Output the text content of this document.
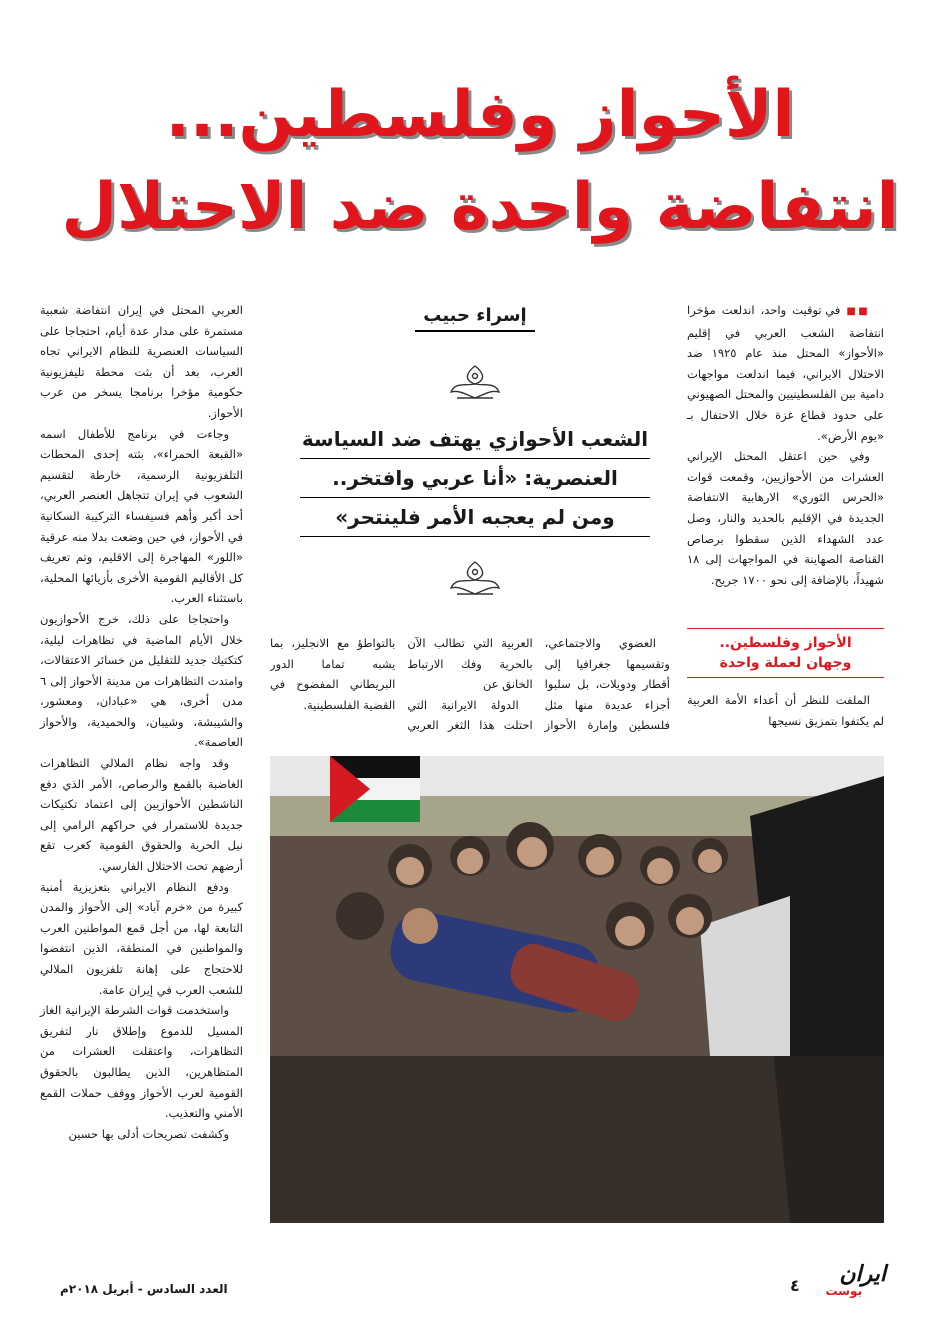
الأحواز وفلسطين...
انتفاضة واحدة ضد الاحتلال

■■ في توقيت واحد، اندلعت مؤخرا انتفاضة الشعب العربي في إقليم «الأحواز» المحتل منذ عام ١٩٢٥ ضد الاحتلال الايراني، فيما اندلعت مواجهات دامية بين الفلسطينيين والمحتل الصهيوني على حدود قطاع غزة خلال الاحتفال بـ «يوم الأرض».

وفي حين اعتقل المحتل الإيراني العشرات من الأحوازيين، وقمعت قوات «الحرس الثوري» الارهابية الانتفاضة الجديدة في الإقليم بالحديد والنار، وصل عدد الشهداء الذين سقطوا برصاص القناصة الصهاينة في المواجهات إلى ١٨ شهيداً، بالإضافة إلى نحو ١٧٠٠ جريح.

الأحواز وفلسطين..
وجهان لعملة واحدة

الملفت للنظر أن أعداء الأمة العربية لم يكتفوا بتمزيق نسيجها

إسراء حبيب
الشعب الأحوازي يهتف ضد السياسة
العنصرية: «أنا عربي وافتخر..
ومن لم يعجبه الأمر فلينتحر»

العضوي والاجتماعي، وتقسيمها جغرافيا إلى أقطار ودويلات، بل سلبوا أجزاء عديدة منها مثل فلسطين وإمارة الأحواز العربية التي تطالب الآن بالحرية وفك الارتباط الخانق عن

الدولة الايرانية التي احتلت هذا الثغر العربي بالتواطؤ مع الانجليز، بما يشبه تماما الدور البريطاني المفضوح في القضية الفلسطينية.

العربي المحتل في إيران انتفاضة شعبية مستمرة على مدار عدة أيام، احتجاجا على السياسات العنصرية للنظام الايراني تجاه العرب، بعد أن بثت محطة تليفزيونية حكومية مؤخرا برنامجا يسخر من عرب الأحواز.

وجاءت في برنامج للأطفال اسمه «القبعة الحمراء»، بثته إحدى المحطات التلفزيونية الرسمية، خارطة لتقسيم الشعوب في إيران تتجاهل العنصر العربي، أحد أكبر وأهم فسيفساء التركيبة السكانية في الأحواز، في حين وضعت بدلا منه عرقية «اللور» المهاجرة إلى الاقليم، وتم تعريف كل الأقاليم القومية الأخرى بأزيائها المحلية، باستثناء العرب.

واحتجاجا على ذلك، خرج الأحوازيون خلال الأيام الماضية في تظاهرات ليلية، كتكتيك جديد للتقليل من خسائر الاعتقالات، وامتدت التظاهرات من مدينة الأحواز إلى ٦ مدن أخرى، هي «عبادان، ومعشور، والشيبشة، وشيبان، والحميدية، والأحواز العاصمة».

وقد واجه نظام الملالي التظاهرات الغاضبة بالقمع والرصاص، الأمر الذي دفع الناشطين الأحوازيين إلى اعتماد تكتيكات جديدة للاستمرار في حراكهم الرامي إلى نيل الحرية والحقوق القومية كعرب تقع أرضهم تحت الاحتلال الفارسي.

ودفع النظام الايراني بتعزيزية أمنية كبيرة من «خرم آباد» إلى الأحواز والمدن التابعة لها، من أجل قمع المواطنين العرب والمواطنين في المنطقة، الذين انتفضوا للاحتجاج على إهانة تلفزيون الملالي للشعب العرب في إيران عامة.

واستخدمت قوات الشرطة الإيرانية الغاز المسيل للدموع وإطلاق نار لتفريق التظاهرات، واعتقلت العشرات من المتظاهرين، الذين يطالبون بالحقوق القومية لعرب الأحواز ووقف حملات القمع الأمني والتعذيب.

وكشفت تصريحات أدلى بها حسين

العدد السادس - أبريل ٢٠١٨م	٤ ايران
بوست
